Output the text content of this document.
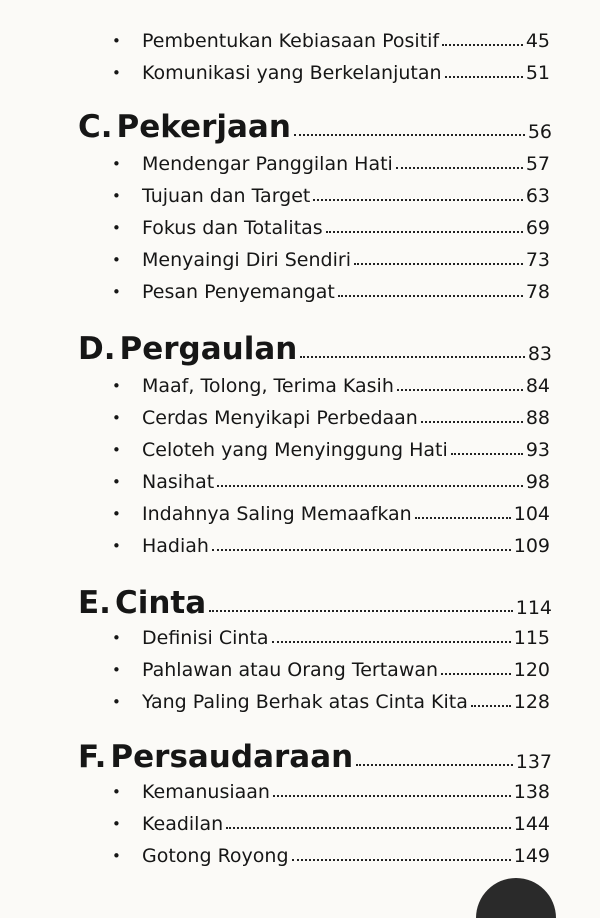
•	Pembentukan Kebiasaan Positif	45
•	Komunikasi yang Berkelanjutan	51
C. Pekerjaan	56
•	Mendengar Panggilan Hati	57
•	Tujuan dan Target	63
•	Fokus dan Totalitas	69
•	Menyaingi Diri Sendiri	73
•	Pesan Penyemangat	78
D. Pergaulan	83
•	Maaf, Tolong, Terima Kasih	84
•	Cerdas Menyikapi Perbedaan	88
•	Celoteh yang Menyinggung Hati	93
•	Nasihat	98
•	Indahnya Saling Memaafkan	104
•	Hadiah	109
E. Cinta	114
•	Definisi Cinta	115
•	Pahlawan atau Orang Tertawan	120
•	Yang Paling Berhak atas Cinta Kita 128
F. Persaudaraan	137
•	Kemanusiaan	138
•	Keadilan	144
•	Gotong Royong	149
